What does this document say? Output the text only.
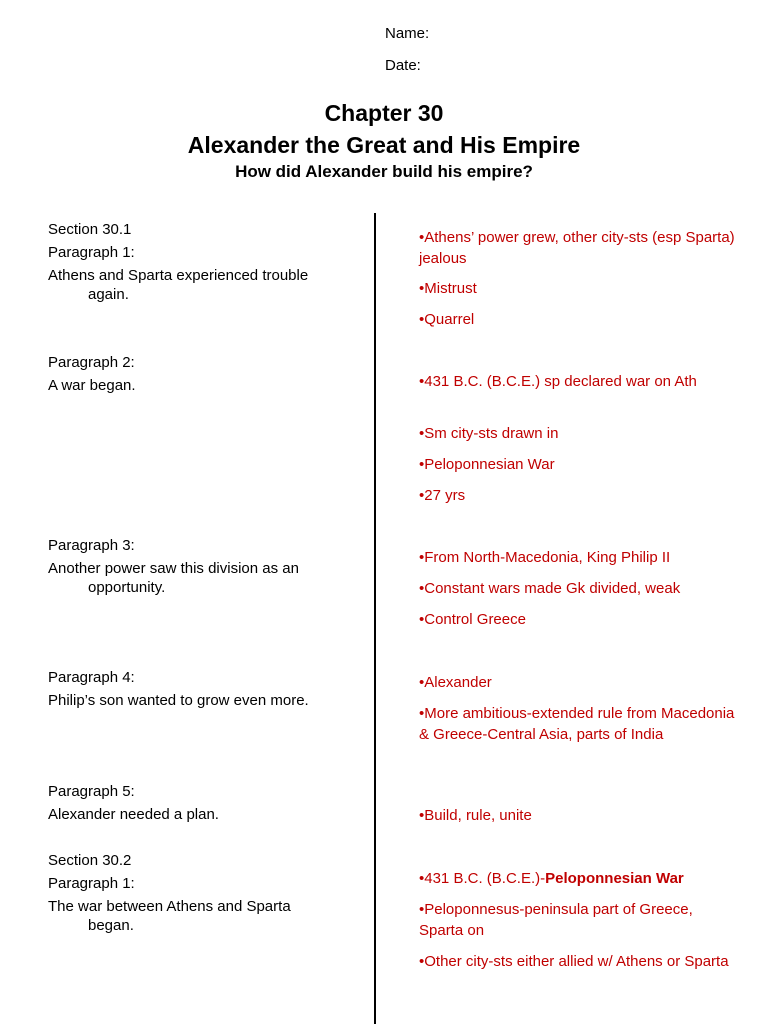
Name:
Date:
Chapter 30
Alexander the Great and His Empire
How did Alexander build his empire?
Section 30.1
Paragraph 1:
Athens and Sparta experienced trouble
again.
Paragraph 2:
A war began.
Paragraph 3:
Another power saw this division as an
opportunity.
Paragraph 4:
Philip’s son wanted to grow even more.
Paragraph 5:
Alexander needed a plan.
Section 30.2
Paragraph 1:
The war between Athens and Sparta
began.
•Athens’ power grew, other city-sts (esp Sparta) jealous
•Mistrust
•Quarrel
•431 B.C. (B.C.E.) sp declared war on Ath
•Sm city-sts drawn in
•Peloponnesian War
•27 yrs
•From North-Macedonia, King Philip II
•Constant wars made Gk divided, weak
•Control Greece
•Alexander
•More ambitious-extended rule from Macedonia & Greece-Central Asia, parts of India
•Build, rule, unite
•431 B.C. (B.C.E.)-Peloponnesian War
•Peloponnesus-peninsula part of Greece, Sparta on
•Other city-sts either allied w/ Athens or Sparta
